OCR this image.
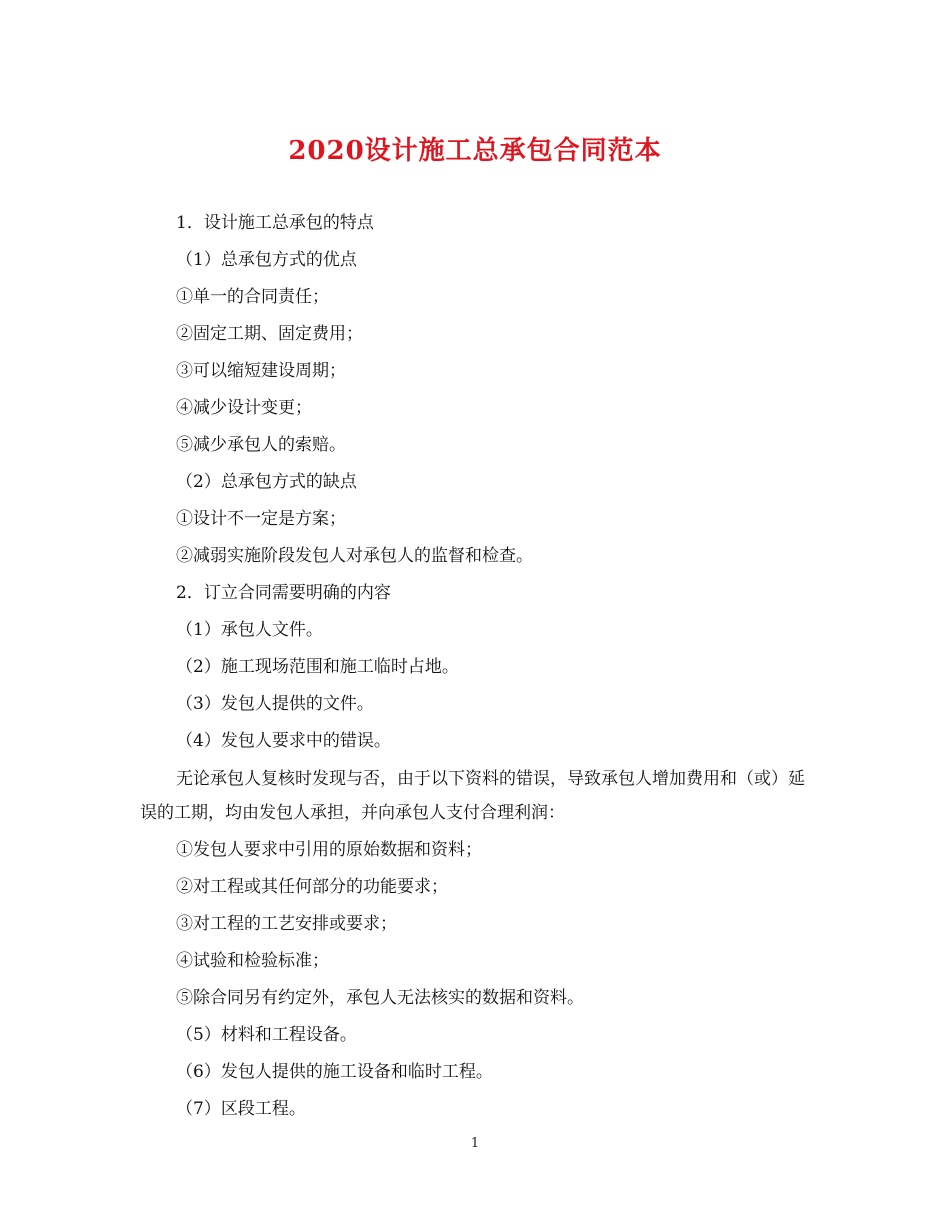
2020设计施工总承包合同范本

1．设计施工总承包的特点

（1）总承包方式的优点

①单一的合同责任；

②固定工期、固定费用；

③可以缩短建设周期；

④减少设计变更；

⑤减少承包人的索赔。

（2）总承包方式的缺点

①设计不一定是方案；

②减弱实施阶段发包人对承包人的监督和检查。

2．订立合同需要明确的内容

（1）承包人文件。

（2）施工现场范围和施工临时占地。

（3）发包人提供的文件。

（4）发包人要求中的错误。

无论承包人复核时发现与否，由于以下资料的错误，导致承包人增加费用和（或）延误的工期，均由发包人承担，并向承包人支付合理利润：

①发包人要求中引用的原始数据和资料；

②对工程或其任何部分的功能要求；

③对工程的工艺安排或要求；

④试验和检验标准；

⑤除合同另有约定外，承包人无法核实的数据和资料。

（5）材料和工程设备。

（6）发包人提供的施工设备和临时工程。

（7）区段工程。

1
